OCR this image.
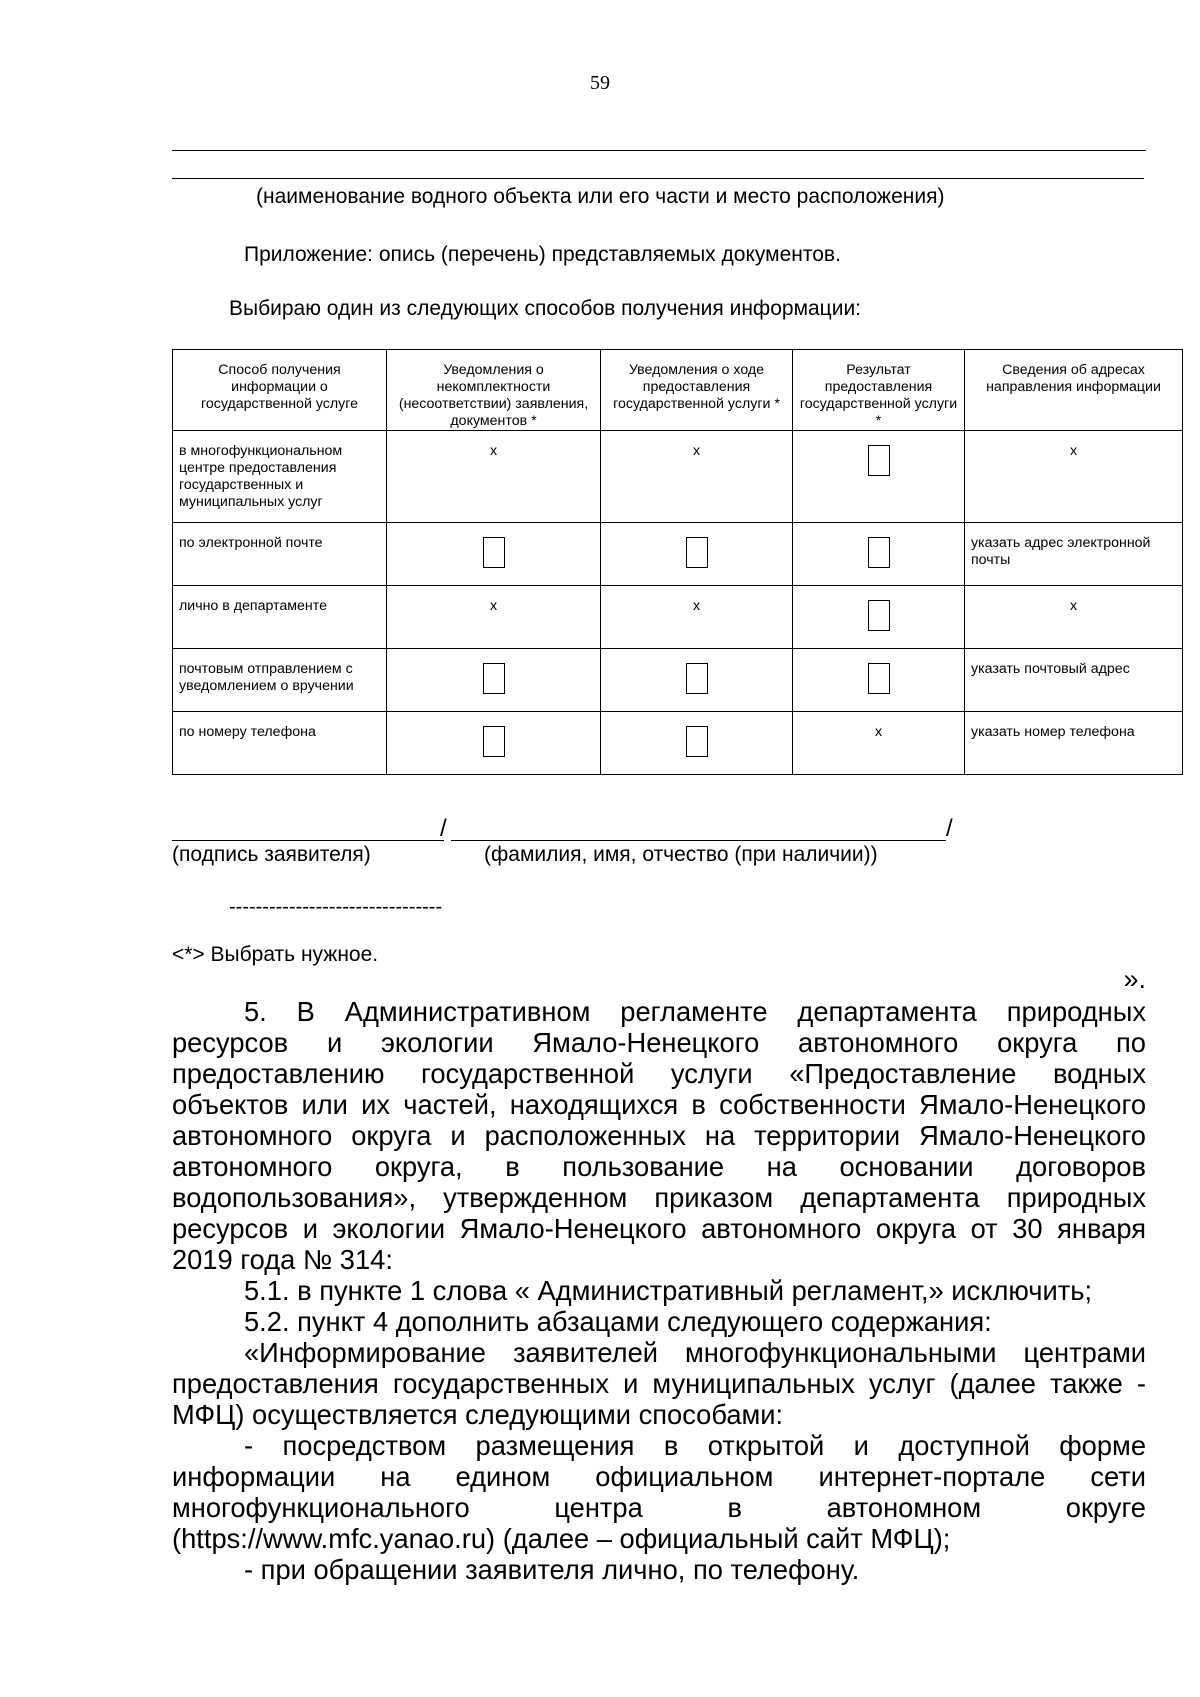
59
(наименование водного объекта или его части и место расположения)
Приложение: опись (перечень) представляемых документов.
Выбираю один из следующих способов получения информации:
Способ получения информации о государственной услуге	Уведомления о некомплектности (несоответствии) заявления, документов *	Уведомления о ходе предоставления государственной услуги *	Результат предоставления государственной услуги *	Сведения об адресах направления информации
в многофункциональном центре предоставления государственных и муниципальных услуг	x	x		x
по электронной почте				указать адрес электронной почты
лично в департаменте	x	x		x
почтовым отправлением с уведомлением о вручении				указать почтовый адрес
по номеру телефона			x	указать номер телефона
/	/
(подпись заявителя)	(фамилия, имя, отчество (при наличии))
--------------------------------
<*> Выбрать нужное.
».

5. В Административном регламенте департамента природных ресурсов и экологии Ямало-Ненецкого автономного округа по предоставлению государственной услуги «Предоставление водных объектов или их частей, находящихся в собственности Ямало-Ненецкого автономного округа и расположенных на территории Ямало-Ненецкого автономного округа, в пользование на основании договоров водопользования», утвержденном приказом департамента природных ресурсов и экологии Ямало-Ненецкого автономного округа от 30 января 2019 года № 314:

5.1. в пункте 1 слова « Административный регламент,» исключить;

5.2. пункт 4 дополнить абзацами следующего содержания:

«Информирование заявителей многофункциональными центрами предоставления государственных и муниципальных услуг (далее также - МФЦ) осуществляется следующими способами:

- посредством размещения в открытой и доступной форме информации на едином официальном интернет-портале сети многофункционального центра в автономном округе (https://www.mfc.yanao.ru) (далее – официальный сайт МФЦ);

- при обращении заявителя лично, по телефону.
